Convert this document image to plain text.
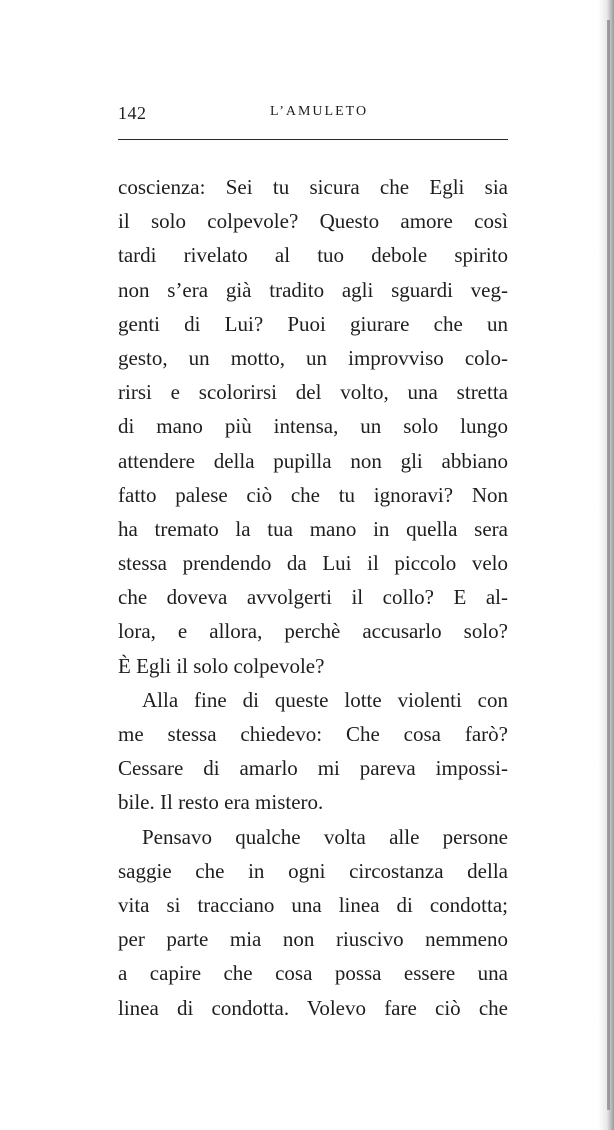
142	L’AMULETO
coscienza: Sei tu sicura che Egli sia
il solo colpevole? Questo amore così
tardi rivelato al tuo debole spirito
non s’era già tradito agli sguardi veg-
genti di Lui? Puoi giurare che un
gesto, un motto, un improvviso colo-
rirsi e scolorirsi del volto, una stretta
di mano più intensa, un solo lungo
attendere della pupilla non gli abbiano
fatto palese ciò che tu ignoravi? Non
ha tremato la tua mano in quella sera
stessa prendendo da Lui il piccolo velo
che doveva avvolgerti il collo? E al-
lora, e allora, perchè accusarlo solo?
È Egli il solo colpevole?
Alla fine di queste lotte violenti con
me stessa chiedevo: Che cosa farò?
Cessare di amarlo mi pareva impossi-
bile. Il resto era mistero.
Pensavo qualche volta alle persone
saggie che in ogni circostanza della
vita si tracciano una linea di condotta;
per parte mia non riuscivo nemmeno
a capire che cosa possa essere una
linea di condotta. Volevo fare ciò che
